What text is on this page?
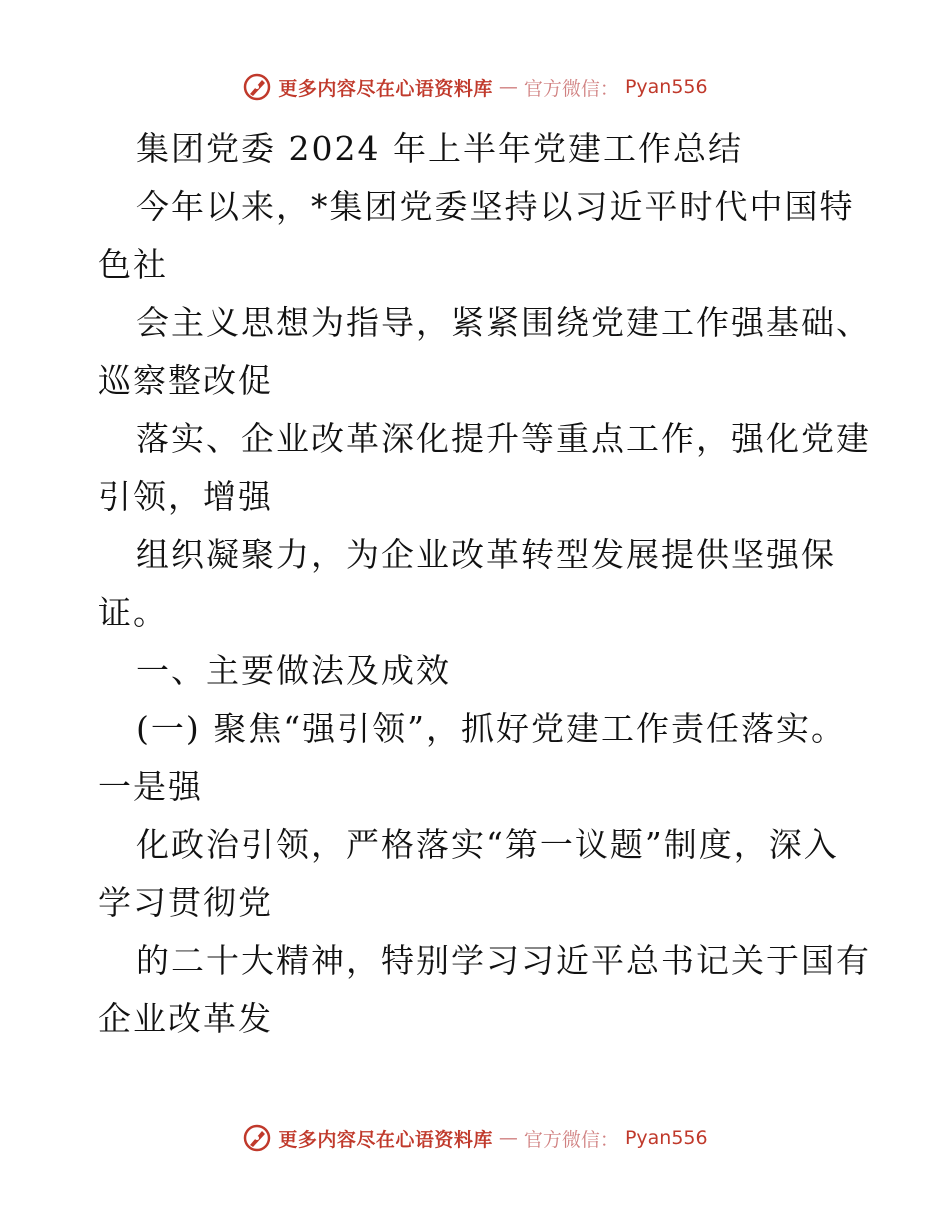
更多内容尽在心语资料库 — 官方微信： Pyan556
集团党委 2024 年上半年党建工作总结
今年以来，*集团党委坚持以习近平时代中国特
色社
会主义思想为指导，紧紧围绕党建工作强基础、
巡察整改促
落实、企业改革深化提升等重点工作，强化党建
引领，增强
组织凝聚力，为企业改革转型发展提供坚强保
证。
一、主要做法及成效
(一) 聚焦“强引领”，抓好党建工作责任落实。
一是强
化政治引领，严格落实“第一议题”制度，深入
学习贯彻党
的二十大精神，特别学习习近平总书记关于国有
企业改革发
更多内容尽在心语资料库 — 官方微信： Pyan556
